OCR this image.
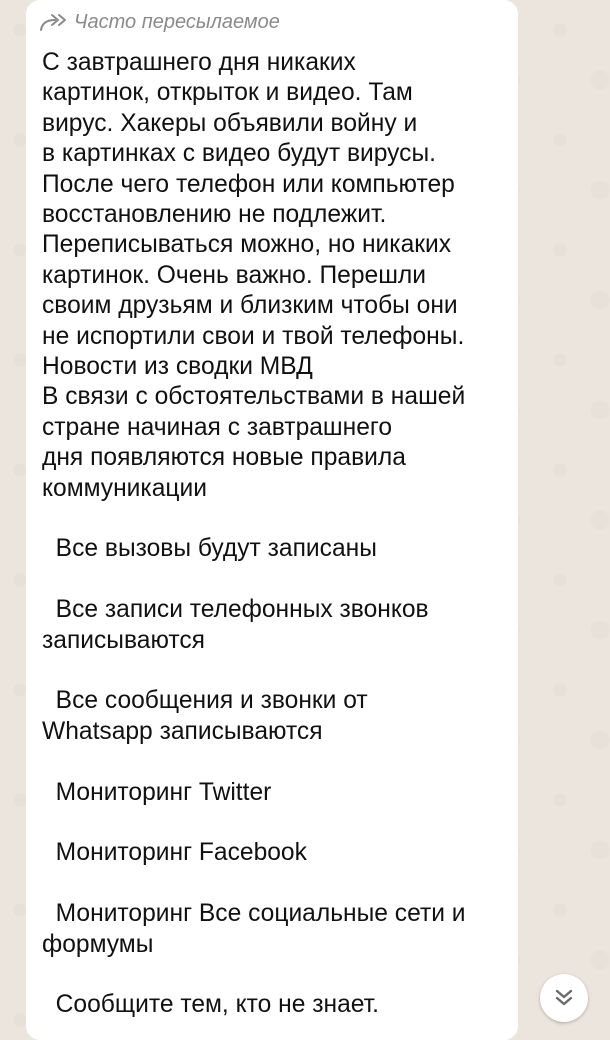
Часто пересылаемое

С завтрашнего дня никаких
картинок, открыток и видео. Там
вирус. Хакеры объявили войну и
в картинках с видео будут вирусы.
После чего телефон или компьютер
восстановлению не подлежит.
Переписываться можно, но никаких
картинок. Очень важно. Перешли
своим друзьям и близким чтобы они
не испортили свои и твой телефоны.
Новости из сводки МВД
В связи с обстоятельствами в нашей
стране начиная с завтрашнего
дня появляются новые правила
коммуникации

Все вызовы будут записаны

Все записи телефонных звонков
записываются

Все сообщения и звонки от
Whatsapp записываются

Мониторинг Twitter

Мониторинг Facebook

Мониторинг Все социальные сети и
формумы

Сообщите тем, кто не знает.
